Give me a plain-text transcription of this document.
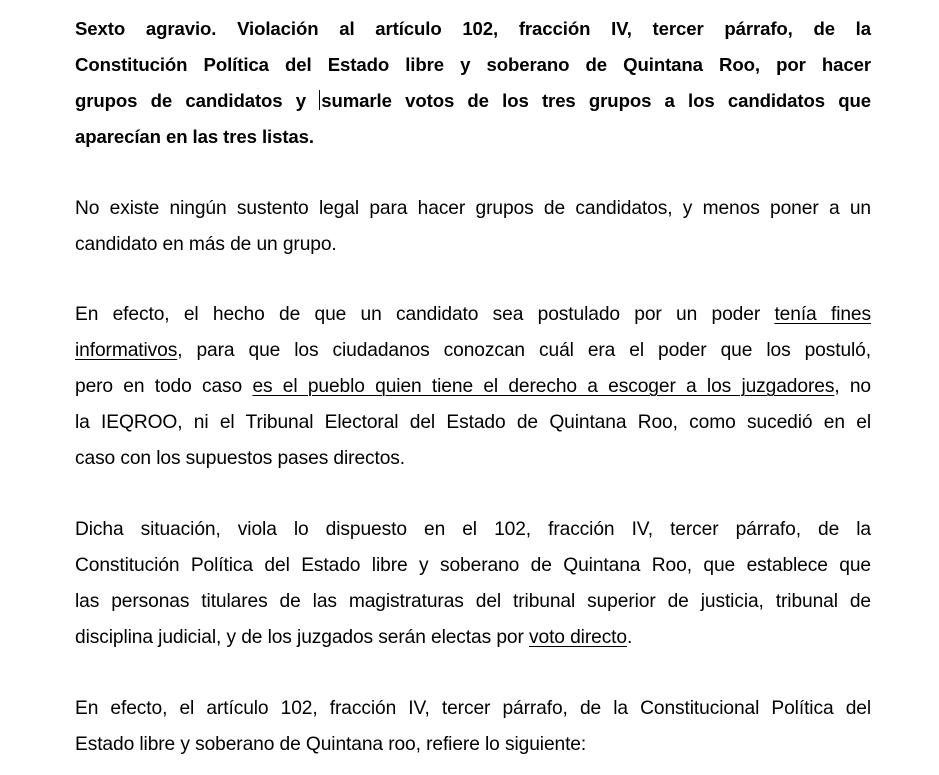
Sexto agravio. Violación al artículo 102, fracción IV, tercer párrafo, de la
Constitución Política del Estado libre y soberano de Quintana Roo, por hacer
grupos de candidatos y sumarle votos de los tres grupos a los candidatos que
aparecían en las tres listas.
No existe ningún sustento legal para hacer grupos de candidatos, y menos poner a un
candidato en más de un grupo.
En efecto, el hecho de que un candidato sea postulado por un poder tenía fines
informativos, para que los ciudadanos conozcan cuál era el poder que los postuló,
pero en todo caso es el pueblo quien tiene el derecho a escoger a los juzgadores, no
la IEQROO, ni el Tribunal Electoral del Estado de Quintana Roo, como sucedió en el
caso con los supuestos pases directos.
Dicha situación, viola lo dispuesto en el 102, fracción IV, tercer párrafo, de la
Constitución Política del Estado libre y soberano de Quintana Roo, que establece que
las personas titulares de las magistraturas del tribunal superior de justicia, tribunal de
disciplina judicial, y de los juzgados serán electas por voto directo.
En efecto, el artículo 102, fracción IV, tercer párrafo, de la Constitucional Política del
Estado libre y soberano de Quintana roo, refiere lo siguiente:
